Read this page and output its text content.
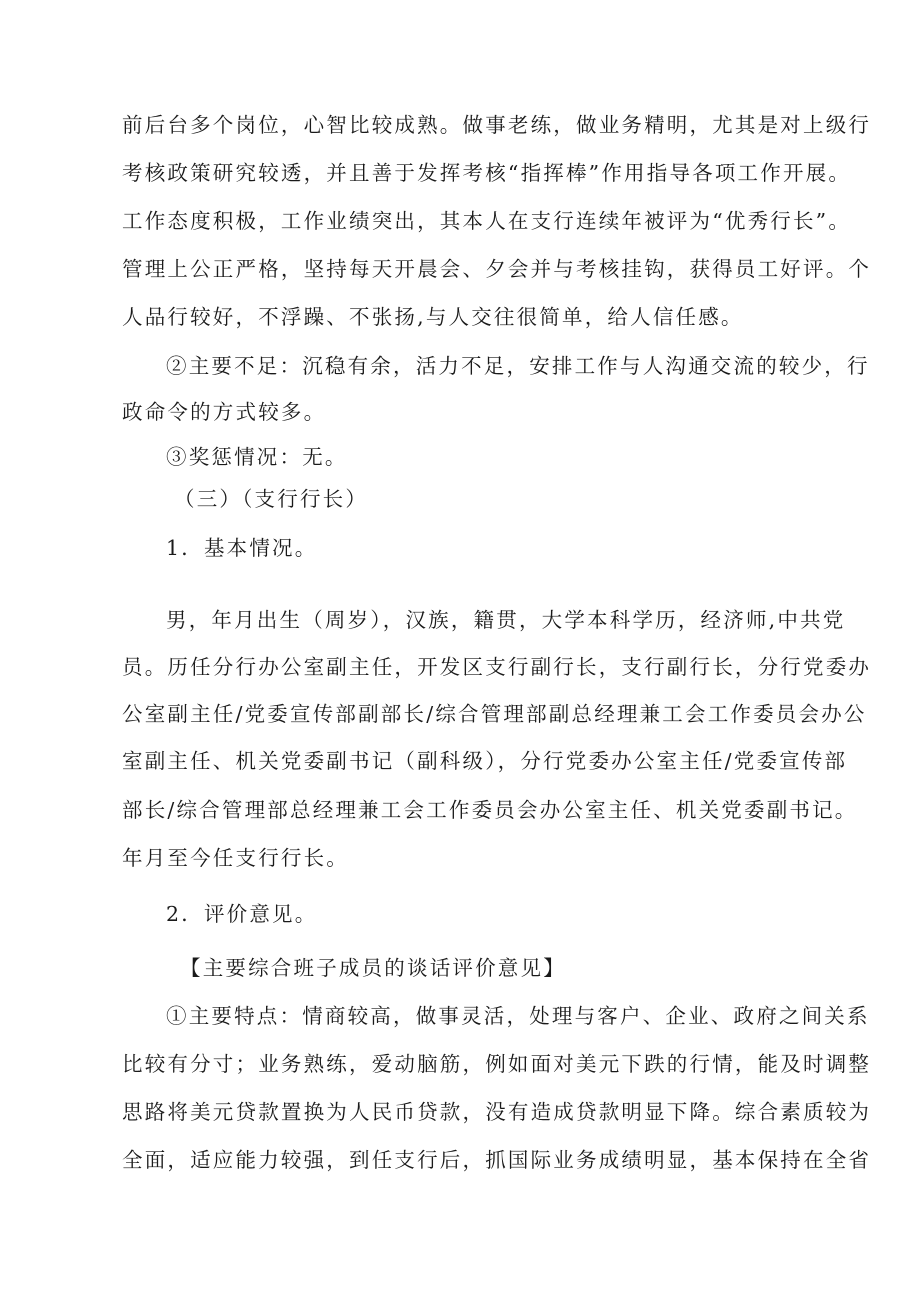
前后台多个岗位，心智比较成熟。做事老练，做业务精明，尤其是对上级行
考核政策研究较透，并且善于发挥考核“指挥棒”作用指导各项工作开展。
工作态度积极，工作业绩突出，其本人在支行连续年被评为“优秀行长”。
管理上公正严格，坚持每天开晨会、夕会并与考核挂钩，获得员工好评。个
人品行较好，不浮躁、不张扬,与人交往很简单，给人信任感。
②主要不足：沉稳有余，活力不足，安排工作与人沟通交流的较少，行
政命令的方式较多。
③奖惩情况：无。
（三）（支行行长）
1．基本情况。
男，年月出生（周岁），汉族，籍贯，大学本科学历，经济师,中共党
员。历任分行办公室副主任，开发区支行副行长，支行副行长，分行党委办
公室副主任/党委宣传部副部长/综合管理部副总经理兼工会工作委员会办公
室副主任、机关党委副书记（副科级），分行党委办公室主任/党委宣传部
部长/综合管理部总经理兼工会工作委员会办公室主任、机关党委副书记。
年月至今任支行行长。
2．评价意见。
【主要综合班子成员的谈话评价意见】
①主要特点：情商较高，做事灵活，处理与客户、企业、政府之间关系
比较有分寸；业务熟练，爱动脑筋，例如面对美元下跌的行情，能及时调整
思路将美元贷款置换为人民币贷款，没有造成贷款明显下降。综合素质较为
全面，适应能力较强，到任支行后，抓国际业务成绩明显，基本保持在全省
